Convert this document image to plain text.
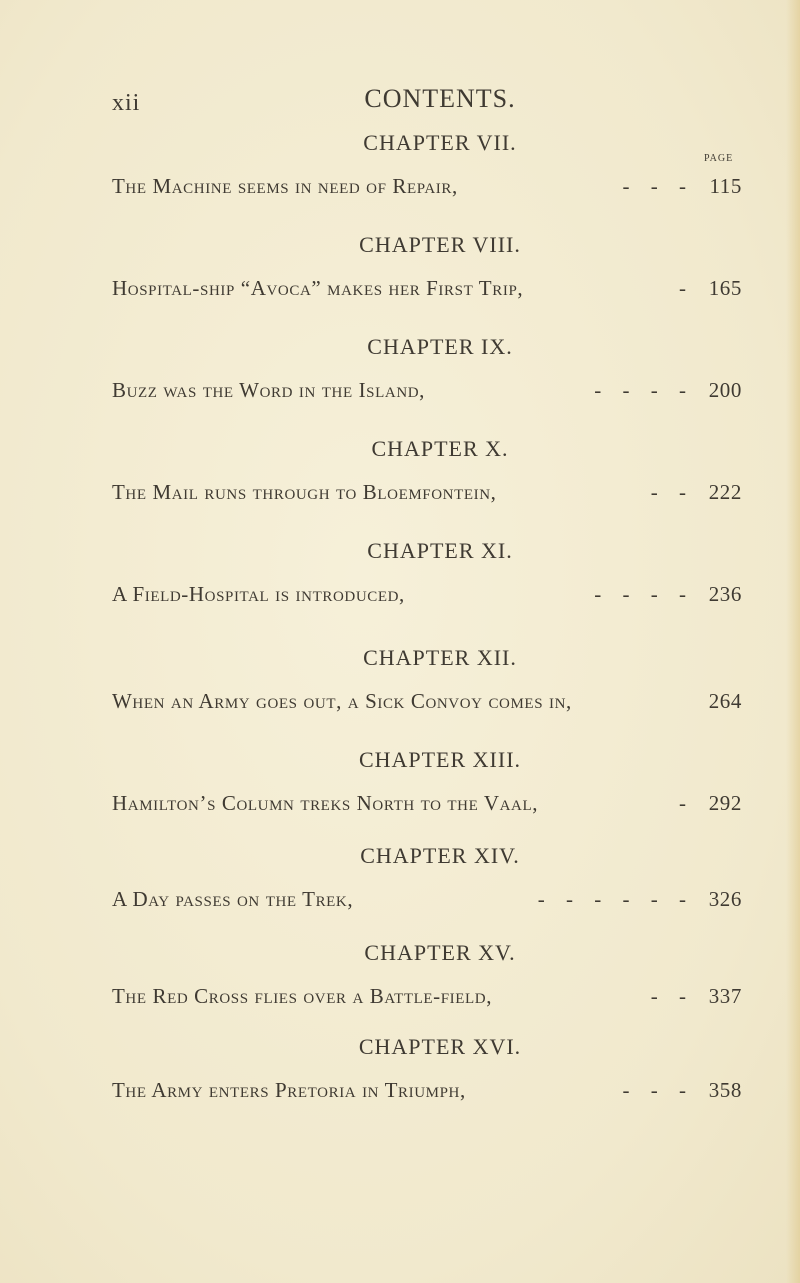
xii	CONTENTS.
PAGE
CHAPTER VII.
The Machine seems in need of Repair,	- - - 115
CHAPTER VIII.
Hospital-ship “Avoca” makes her First Trip,	- 165
CHAPTER IX.
Buzz was the Word in the Island,	- - - - 200
CHAPTER X.
The Mail runs through to Bloemfontein,	- - 222
CHAPTER XI.
A Field-Hospital is introduced,	- - - - 236
CHAPTER XII.
When an Army goes out, a Sick Convoy comes in,	264
CHAPTER XIII.
Hamilton’s Column treks North to the Vaal,	- 292
CHAPTER XIV.
A Day passes on the Trek,	- - - - - - 326
CHAPTER XV.
The Red Cross flies over a Battle-field,	- - 337
CHAPTER XVI.
The Army enters Pretoria in Triumph,	- - - 358
